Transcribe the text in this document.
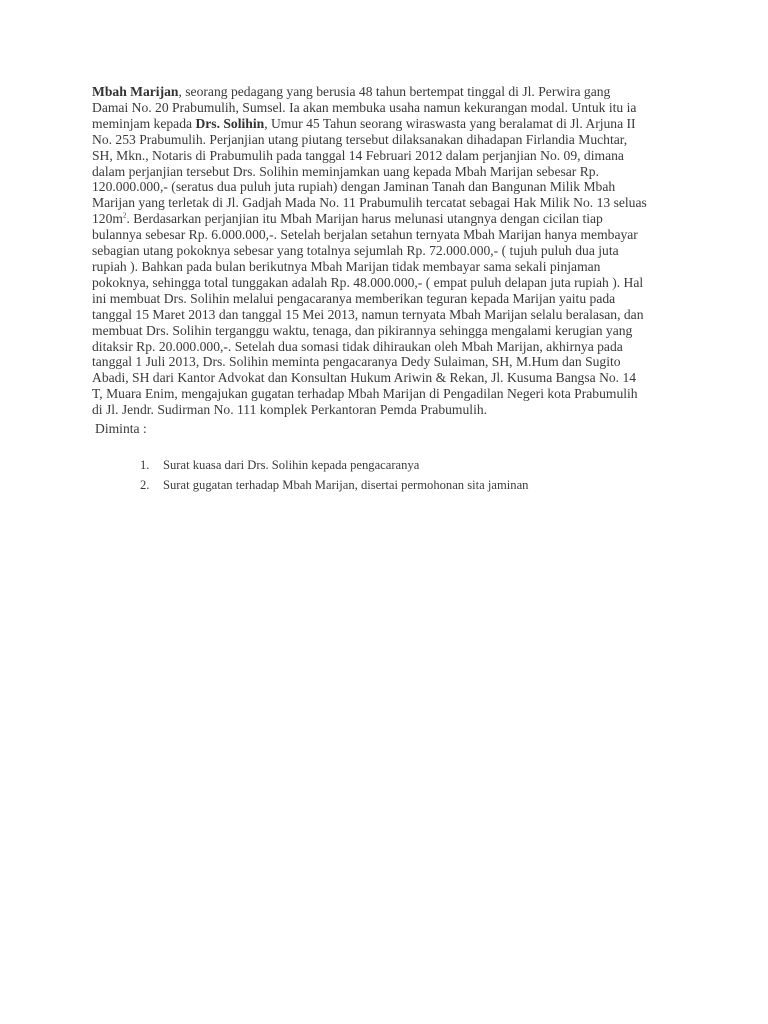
Mbah Marijan, seorang pedagang yang berusia 48 tahun bertempat tinggal di Jl. Perwira gang
Damai No. 20 Prabumulih, Sumsel. Ia akan membuka usaha namun kekurangan modal. Untuk itu ia
meminjam kepada Drs. Solihin, Umur 45 Tahun seorang wiraswasta yang beralamat di Jl. Arjuna II
No. 253 Prabumulih. Perjanjian utang piutang tersebut dilaksanakan dihadapan Firlandia Muchtar,
SH, Mkn., Notaris di Prabumulih pada tanggal 14 Februari 2012 dalam perjanjian No. 09, dimana
dalam perjanjian tersebut Drs. Solihin meminjamkan uang kepada Mbah Marijan sebesar Rp.
120.000.000,- (seratus dua puluh juta rupiah) dengan Jaminan Tanah dan Bangunan Milik Mbah
Marijan yang terletak di Jl. Gadjah Mada No. 11 Prabumulih tercatat sebagai Hak Milik No. 13 seluas
$120m^2$. Berdasarkan perjanjian itu Mbah Marijan harus melunasi utangnya dengan cicilan tiap
bulannya sebesar Rp. 6.000.000,-. Setelah berjalan setahun ternyata Mbah Marijan hanya membayar
sebagian utang pokoknya sebesar yang totalnya sejumlah Rp. 72.000.000,- ( tujuh puluh dua juta
rupiah ). Bahkan pada bulan berikutnya Mbah Marijan tidak membayar sama sekali pinjaman
pokoknya, sehingga total tunggakan adalah Rp. 48.000.000,- ( empat puluh delapan juta rupiah ). Hal
ini membuat Drs. Solihin melalui pengacaranya memberikan teguran kepada Marijan yaitu pada
tanggal 15 Maret 2013 dan tanggal 15 Mei 2013, namun ternyata Mbah Marijan selalu beralasan, dan
membuat Drs. Solihin terganggu waktu, tenaga, dan pikirannya sehingga mengalami kerugian yang
ditaksir Rp. 20.000.000,-. Setelah dua somasi tidak dihiraukan oleh Mbah Marijan, akhirnya pada
tanggal 1 Juli 2013, Drs. Solihin meminta pengacaranya Dedy Sulaiman, SH, M.Hum dan Sugito
Abadi, SH dari Kantor Advokat dan Konsultan Hukum Ariwin & Rekan, Jl. Kusuma Bangsa No. 14
T, Muara Enim, mengajukan gugatan terhadap Mbah Marijan di Pengadilan Negeri kota Prabumulih
di Jl. Jendr. Sudirman No. 111 komplek Perkantoran Pemda Prabumulih.

Diminta :

1.	Surat kuasa dari Drs. Solihin kepada pengacaranya
2.	Surat gugatan terhadap Mbah Marijan, disertai permohonan sita jaminan
